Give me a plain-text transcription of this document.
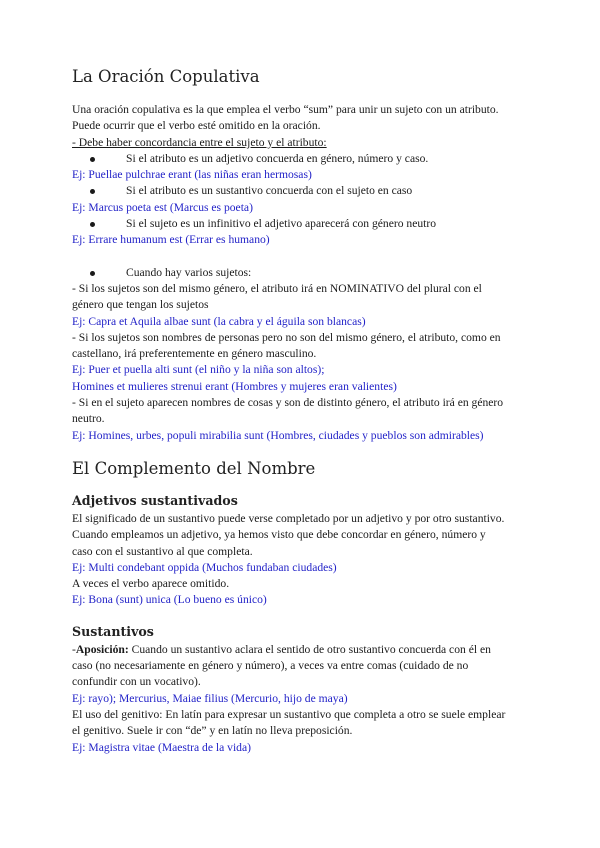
La Oración Copulativa
Una oración copulativa es la que emplea el verbo “sum” para unir un sujeto con un atributo.
Puede ocurrir que el verbo esté omitido en la oración.
- Debe haber concordancia entre el sujeto y el atributo:
Si el atributo es un adjetivo concuerda en género, número y caso.
Ej: Puellae pulchrae erant (las niñas eran hermosas)
Si el atributo es un sustantivo concuerda con el sujeto en caso
Ej: Marcus poeta est (Marcus es poeta)
Si el sujeto es un infinitivo el adjetivo aparecerá con género neutro
Ej: Errare humanum est (Errar es humano)
Cuando hay varios sujetos:
- Si los sujetos son del mismo género, el atributo irá en NOMINATIVO del plural con el
género que tengan los sujetos
Ej: Capra et Aquila albae sunt (la cabra y el águila son blancas)
- Si los sujetos son nombres de personas pero no son del mismo género, el atributo, como en
castellano, irá preferentemente en género masculino.
Ej: Puer et puella alti sunt (el niño y la niña son altos);
Homines et mulieres strenui erant (Hombres y mujeres eran valientes)
- Si en el sujeto aparecen nombres de cosas y son de distinto género, el atributo irá en género
neutro.
Ej: Homines, urbes, populi mirabilia sunt (Hombres, ciudades y pueblos son admirables)
El Complemento del Nombre
Adjetivos sustantivados
El significado de un sustantivo puede verse completado por un adjetivo y por otro sustantivo.
Cuando empleamos un adjetivo, ya hemos visto que debe concordar en género, número y
caso con el sustantivo al que completa.
Ej: Multi condebant oppida (Muchos fundaban ciudades)
A veces el verbo aparece omitido.
Ej: Bona (sunt) unica (Lo bueno es único)
Sustantivos
-Aposición: Cuando un sustantivo aclara el sentido de otro sustantivo concuerda con él en
caso (no necesariamente en género y número), a veces va entre comas (cuidado de no
confundir con un vocativo).
Ej: rayo); Mercurius, Maiae filius (Mercurio, hijo de maya)
El uso del genitivo: En latín para expresar un sustantivo que completa a otro se suele emplear
el genitivo. Suele ir con “de” y en latín no lleva preposición.
Ej: Magistra vitae (Maestra de la vida)
